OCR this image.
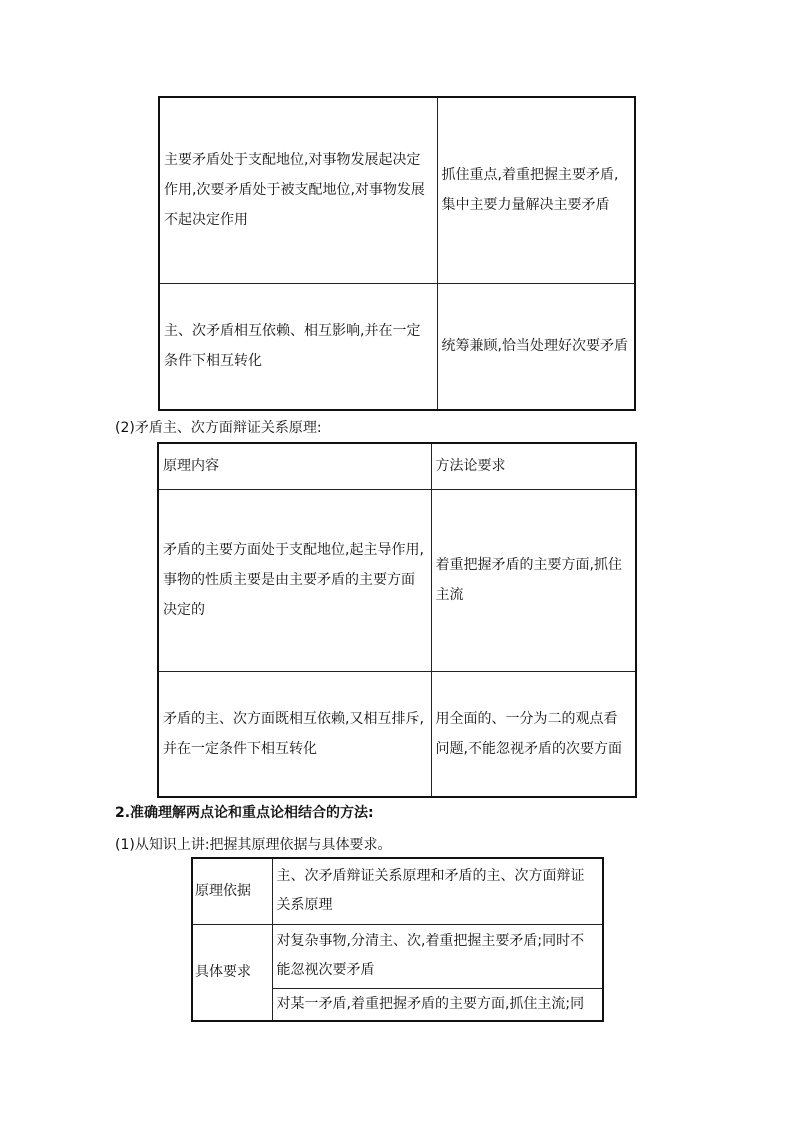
主要矛盾处于支配地位,对事物发展起决定作用,次要矛盾处于被支配地位,对事物发展不起决定作用	抓住重点,着重把握主要矛盾,集中主要力量解决主要矛盾
主、次矛盾相互依赖、相互影响,并在一定条件下相互转化	统筹兼顾,恰当处理好次要矛盾
(2)矛盾主、次方面辩证关系原理:
原理内容	方法论要求
矛盾的主要方面处于支配地位,起主导作用,事物的性质主要是由主要矛盾的主要方面决定的	着重把握矛盾的主要方面,抓住主流
矛盾的主、次方面既相互依赖,又相互排斥,并在一定条件下相互转化	用全面的、一分为二的观点看问题,不能忽视矛盾的次要方面
2.准确理解两点论和重点论相结合的方法:
(1)从知识上讲:把握其原理依据与具体要求。
原理依据	主、次矛盾辩证关系原理和矛盾的主、次方面辩证关系原理
具体要求	对复杂事物,分清主、次,着重把握主要矛盾;同时不能忽视次要矛盾
	对某一矛盾,着重把握矛盾的主要方面,抓住主流;同
